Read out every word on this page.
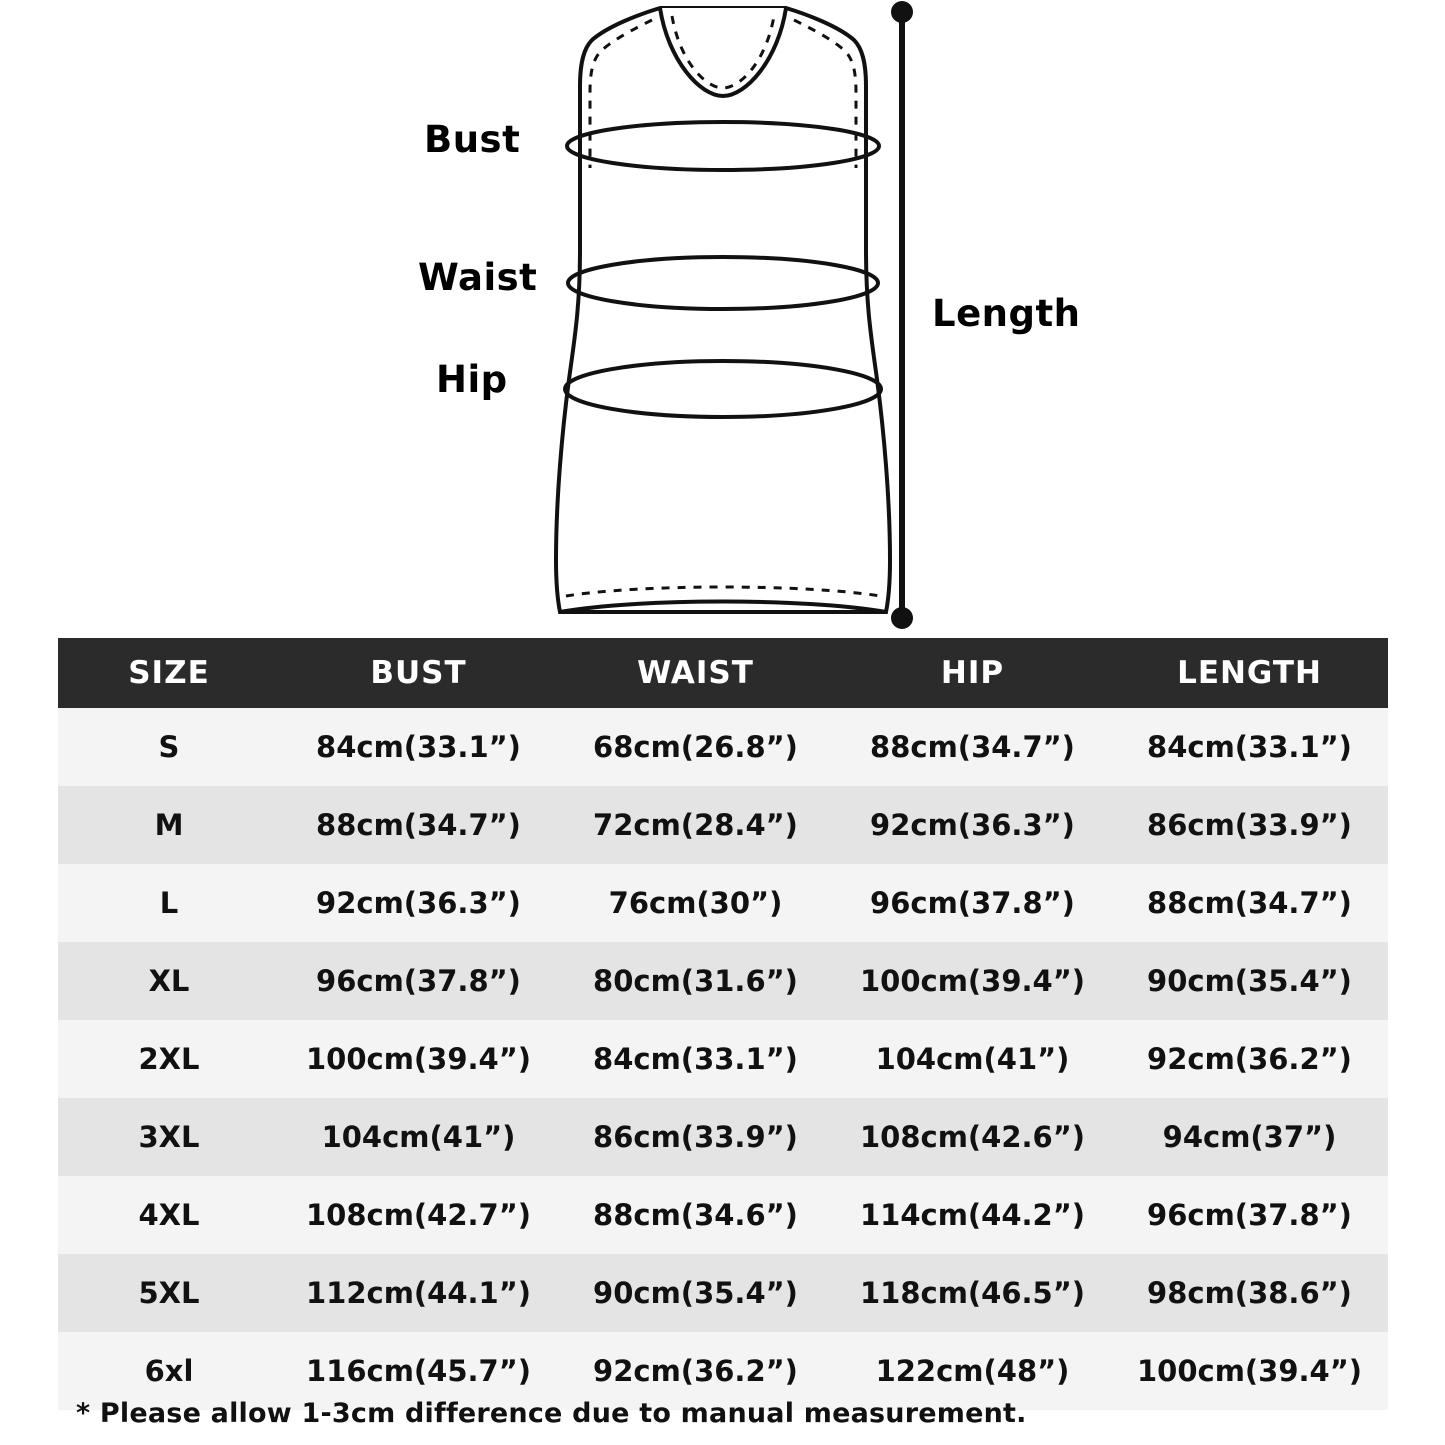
Bust
Waist
Hip
Length
SIZE	BUST	WAIST	HIP	LENGTH
S	84cm(33.1”)	68cm(26.8”)	88cm(34.7”)	84cm(33.1”)
M	88cm(34.7”)	72cm(28.4”)	92cm(36.3”)	86cm(33.9”)
L	92cm(36.3”)	76cm(30”)	96cm(37.8”)	88cm(34.7”)
XL	96cm(37.8”)	80cm(31.6”)	100cm(39.4”)	90cm(35.4”)
2XL	100cm(39.4”)	84cm(33.1”)	104cm(41”)	92cm(36.2”)
3XL	104cm(41”)	86cm(33.9”)	108cm(42.6”)	94cm(37”)
4XL	108cm(42.7”)	88cm(34.6”)	114cm(44.2”)	96cm(37.8”)
5XL	112cm(44.1”)	90cm(35.4”)	118cm(46.5”)	98cm(38.6”)
6xl	116cm(45.7”)	92cm(36.2”)	122cm(48”)	100cm(39.4”)
* Please allow 1-3cm difference due to manual measurement.
